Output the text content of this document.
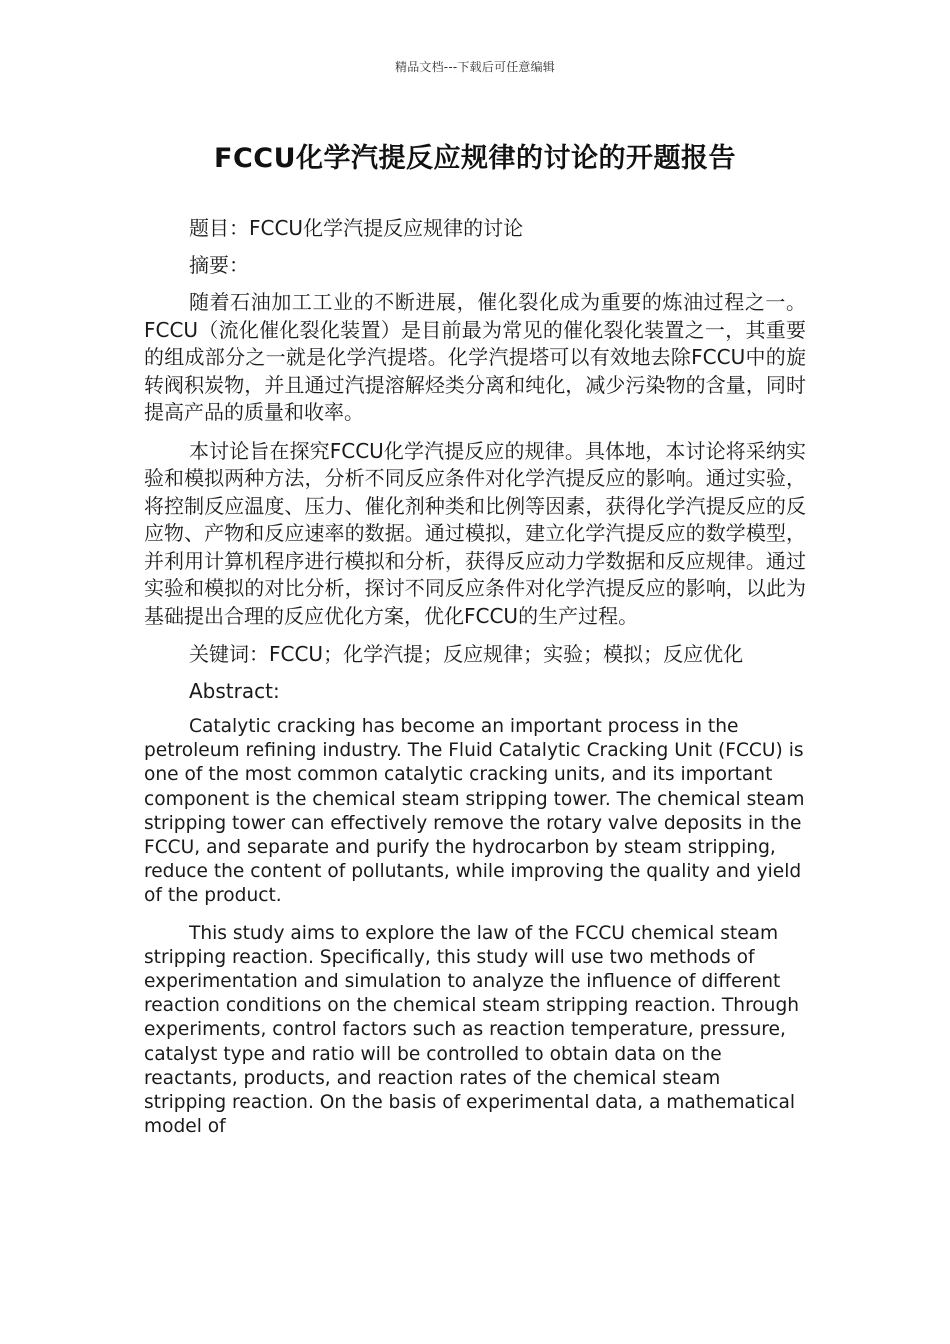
精品文档---下载后可任意编辑
FCCU化学汽提反应规律的讨论的开题报告

题目：FCCU化学汽提反应规律的讨论

摘要：

随着石油加工工业的不断进展，催化裂化成为重要的炼油过程之一。FCCU（流化催化裂化装置）是目前最为常见的催化裂化装置之一，其重要的组成部分之一就是化学汽提塔。化学汽提塔可以有效地去除FCCU中的旋转阀积炭物，并且通过汽提溶解烃类分离和纯化，减少污染物的含量，同时提高产品的质量和收率。

本讨论旨在探究FCCU化学汽提反应的规律。具体地，本讨论将采纳实验和模拟两种方法，分析不同反应条件对化学汽提反应的影响。通过实验，将控制反应温度、压力、催化剂种类和比例等因素，获得化学汽提反应的反应物、产物和反应速率的数据。通过模拟，建立化学汽提反应的数学模型，并利用计算机程序进行模拟和分析，获得反应动力学数据和反应规律。通过实验和模拟的对比分析，探讨不同反应条件对化学汽提反应的影响，以此为基础提出合理的反应优化方案，优化FCCU的生产过程。

关键词：FCCU；化学汽提；反应规律；实验；模拟；反应优化

Abstract:

Catalytic cracking has become an important process in the petroleum refining industry. The Fluid Catalytic Cracking Unit (FCCU) is one of the most common catalytic cracking units, and its important component is the chemical steam stripping tower. The chemical steam stripping tower can effectively remove the rotary valve deposits in the FCCU, and separate and purify the hydrocarbon by steam stripping, reduce the content of pollutants, while improving the quality and yield of the product.

This study aims to explore the law of the FCCU chemical steam stripping reaction. Specifically, this study will use two methods of experimentation and simulation to analyze the influence of different reaction conditions on the chemical steam stripping reaction. Through experiments, control factors such as reaction temperature, pressure, catalyst type and ratio will be controlled to obtain data on the reactants, products, and reaction rates of the chemical steam stripping reaction. On the basis of experimental data, a mathematical model of
